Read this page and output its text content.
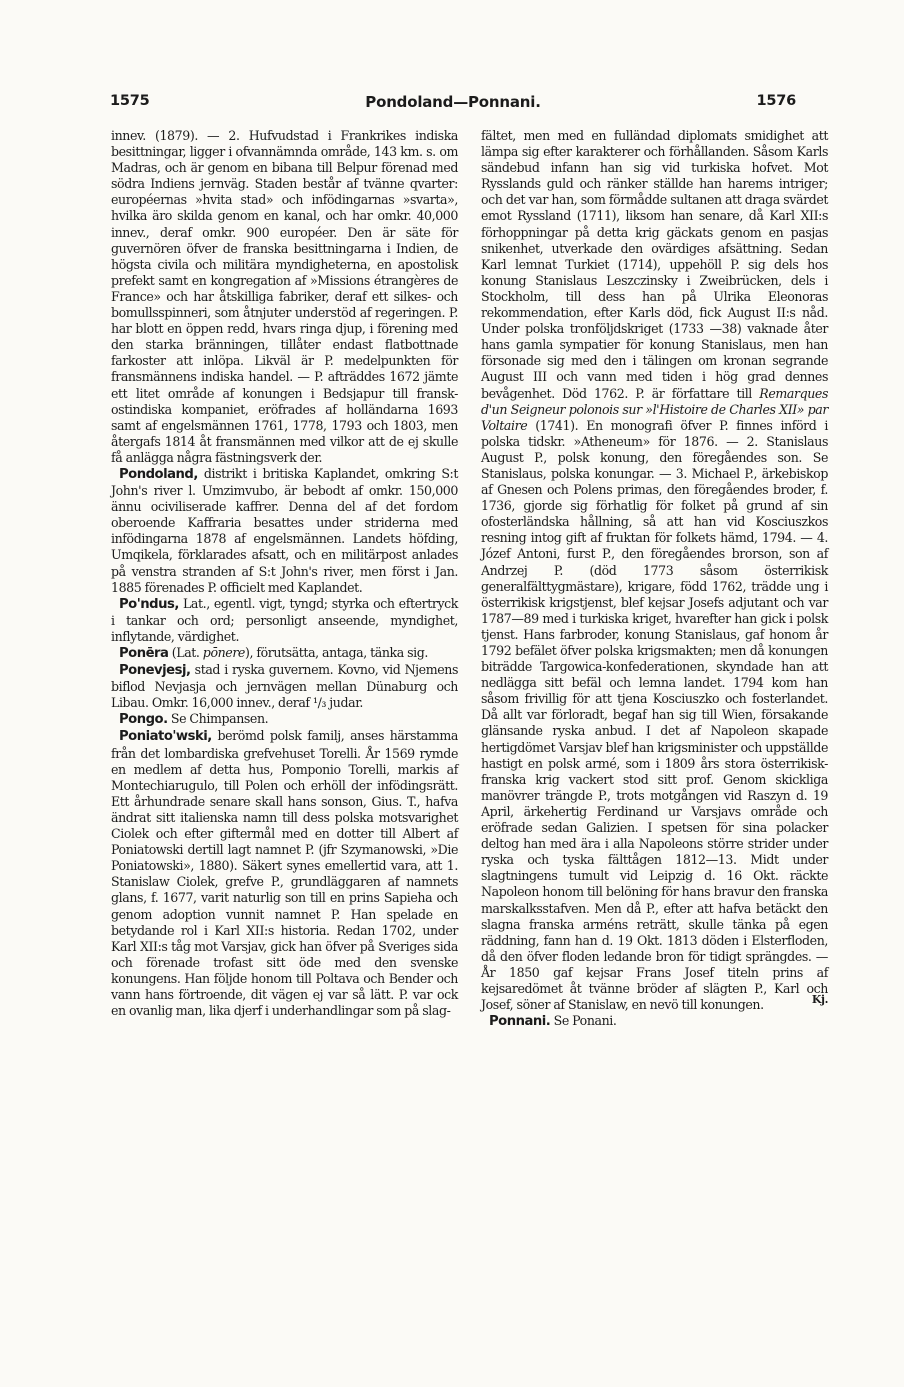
1575	Pondoland—Ponnani.	1576

innev. (1879). — 2. Hufvudstad i Frankrikes indiska besittningar, ligger i ofvannämnda område, 143 km. s. om Madras, och är genom en bibana till Belpur förenad med södra Indiens jernväg. Staden består af tvänne qvarter: européernas »hvita stad» och infödingarnas »svarta», hvilka äro skilda genom en kanal, och har omkr. 40,000 innev., deraf omkr. 900 européer. Den är säte för guvernören öfver de franska besittningarna i Indien, de högsta civila och militära myndigheterna, en apostolisk prefekt samt en kongregation af »Missions étrangères de France» och har åtskilliga fabriker, deraf ett silkes- och bomullsspinneri, som åtnjuter understöd af regeringen. P. har blott en öppen redd, hvars ringa djup, i förening med den starka bränningen, tillåter endast flatbottnade farkoster att inlöpa. Likväl är P. medelpunkten för fransmännens indiska handel. — P. afträddes 1672 jämte ett litet område af konungen i Bedsjapur till fransk-ostindiska kompaniet, eröfrades af holländarna 1693 samt af engelsmännen 1761, 1778, 1793 och 1803, men återgafs 1814 åt fransmännen med vilkor att de ej skulle få anlägga några fästningsverk der.

Pondoland, distrikt i britiska Kaplandet, omkring S:t John's river l. Umzimvubo, är bebodt af omkr. 150,000 ännu ociviliserade kaffrer. Denna del af det fordom oberoende Kaffraria besattes under striderna med infödingarna 1878 af engelsmännen. Landets höfding, Umqikela, förklarades afsatt, och en militärpost anlades på venstra stranden af S:t John's river, men först i Jan. 1885 förenades P. officielt med Kaplandet.

Po'ndus, Lat., egentl. vigt, tyngd; styrka och eftertryck i tankar och ord; personligt anseende, myndighet, inflytande, värdighet.

Ponēra (Lat. pōnere), förutsätta, antaga, tänka sig.

Ponevjesj, stad i ryska guvernem. Kovno, vid Njemens biflod Nevjasja och jernvägen mellan Dünaburg och Libau. Omkr. 16,000 innev., deraf ¹/₃ judar.

Pongo. Se Chimpansen.

Poniato'wski, berömd polsk familj, anses härstamma från det lombardiska grefvehuset Torelli. År 1569 rymde en medlem af detta hus, Pomponio Torelli, markis af Montechiarugulo, till Polen och erhöll der infödingsrätt. Ett århundrade senare skall hans sonson, Gius. T., hafva ändrat sitt italienska namn till dess polska motsvarighet Ciolek och efter giftermål med en dotter till Albert af Poniatowski dertill lagt namnet P. (jfr Szymanowski, »Die Poniatowski», 1880). Säkert synes emellertid vara, att 1. Stanislaw Ciolek, grefve P., grundläggaren af namnets glans, f. 1677, varit naturlig son till en prins Sapieha och genom adoption vunnit namnet P. Han spelade en betydande rol i Karl XII:s historia. Redan 1702, under Karl XII:s tåg mot Varsjav, gick han öfver på Sveriges sida och förenade trofast sitt öde med den svenske konungens. Han följde honom till Poltava och Bender och vann hans förtroende, dit vägen ej var så lätt. P. var ock en ovanlig man, lika djerf i underhandlingar som på slag-

fältet, men med en fulländad diplomats smidighet att lämpa sig efter karakterer och förhållanden. Såsom Karls sändebud infann han sig vid turkiska hofvet. Mot Rysslands guld och ränker ställde han harems intriger; och det var han, som förmådde sultanen att draga svärdet emot Ryssland (1711), liksom han senare, då Karl XII:s förhoppningar på detta krig gäckats genom en pasjas snikenhet, utverkade den ovärdiges afsättning. Sedan Karl lemnat Turkiet (1714), uppehöll P. sig dels hos konung Stanislaus Leszczinsky i Zweibrücken, dels i Stockholm, till dess han på Ulrika Eleonoras rekommendation, efter Karls död, fick August II:s nåd. Under polska tronföljdskriget (1733 —38) vaknade åter hans gamla sympatier för konung Stanislaus, men han försonade sig med den i tälingen om kronan segrande August III och vann med tiden i hög grad dennes bevågenhet. Död 1762. P. är författare till Remarques d'un Seigneur polonois sur »l'Histoire de Charles XII» par Voltaire (1741). En monografi öfver P. finnes införd i polska tidskr. »Atheneum» för 1876. — 2. Stanislaus August P., polsk konung, den föregåendes son. Se Stanislaus, polska konungar. — 3. Michael P., ärkebiskop af Gnesen och Polens primas, den föregåendes broder, f. 1736, gjorde sig förhatlig för folket på grund af sin ofosterländska hållning, så att han vid Kosciuszkos resning intog gift af fruktan för folkets hämd, 1794. — 4. Józef Antoni, furst P., den föregåendes brorson, son af Andrzej P. (död 1773 såsom österrikisk generalfälttygmästare), krigare, född 1762, trädde ung i österrikisk krigstjenst, blef kejsar Josefs adjutant och var 1787—89 med i turkiska kriget, hvarefter han gick i polsk tjenst. Hans farbroder, konung Stanislaus, gaf honom år 1792 befälet öfver polska krigsmakten; men då konungen biträdde Targowica-konfederationen, skyndade han att nedlägga sitt befäl och lemna landet. 1794 kom han såsom frivillig för att tjena Kosciuszko och fosterlandet. Då allt var förloradt, begaf han sig till Wien, försakande glänsande ryska anbud. I det af Napoleon skapade hertigdömet Varsjav blef han krigsminister och uppställde hastigt en polsk armé, som i 1809 års stora österrikisk-franska krig vackert stod sitt prof. Genom skickliga manövrer trängde P., trots motgången vid Raszyn d. 19 April, ärkehertig Ferdinand ur Varsjavs område och eröfrade sedan Galizien. I spetsen för sina polacker deltog han med ära i alla Napoleons större strider under ryska och tyska fälttågen 1812—13. Midt under slagtningens tumult vid Leipzig d. 16 Okt. räckte Napoleon honom till belöning för hans bravur den franska marskalksstafven. Men då P., efter att hafva betäckt den slagna franska arméns reträtt, skulle tänka på egen räddning, fann han d. 19 Okt. 1813 döden i Elsterfloden, då den öfver floden ledande bron för tidigt sprängdes. — År 1850 gaf kejsar Frans Josef titeln prins af kejsaredömet åt tvänne bröder af slägten P., Karl och Josef, söner af Stanislaw, en nevö till konungen.	Kj.

Ponnani. Se Ponani.
